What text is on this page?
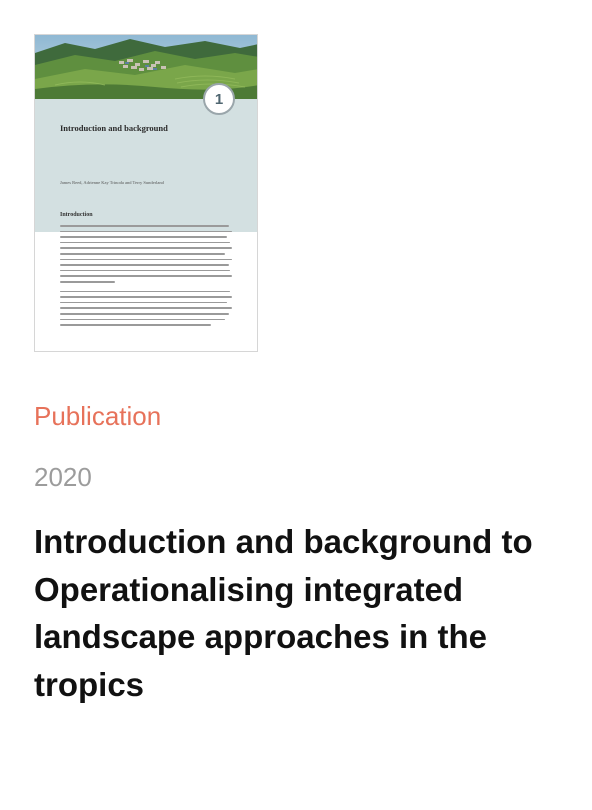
1
Introduction and background
James Reed, Adrienne Kay Trinoda and Terry Sunderland
Introduction
Publication
2020
Introduction and background to Operationalising integrated landscape approaches in the tropics
